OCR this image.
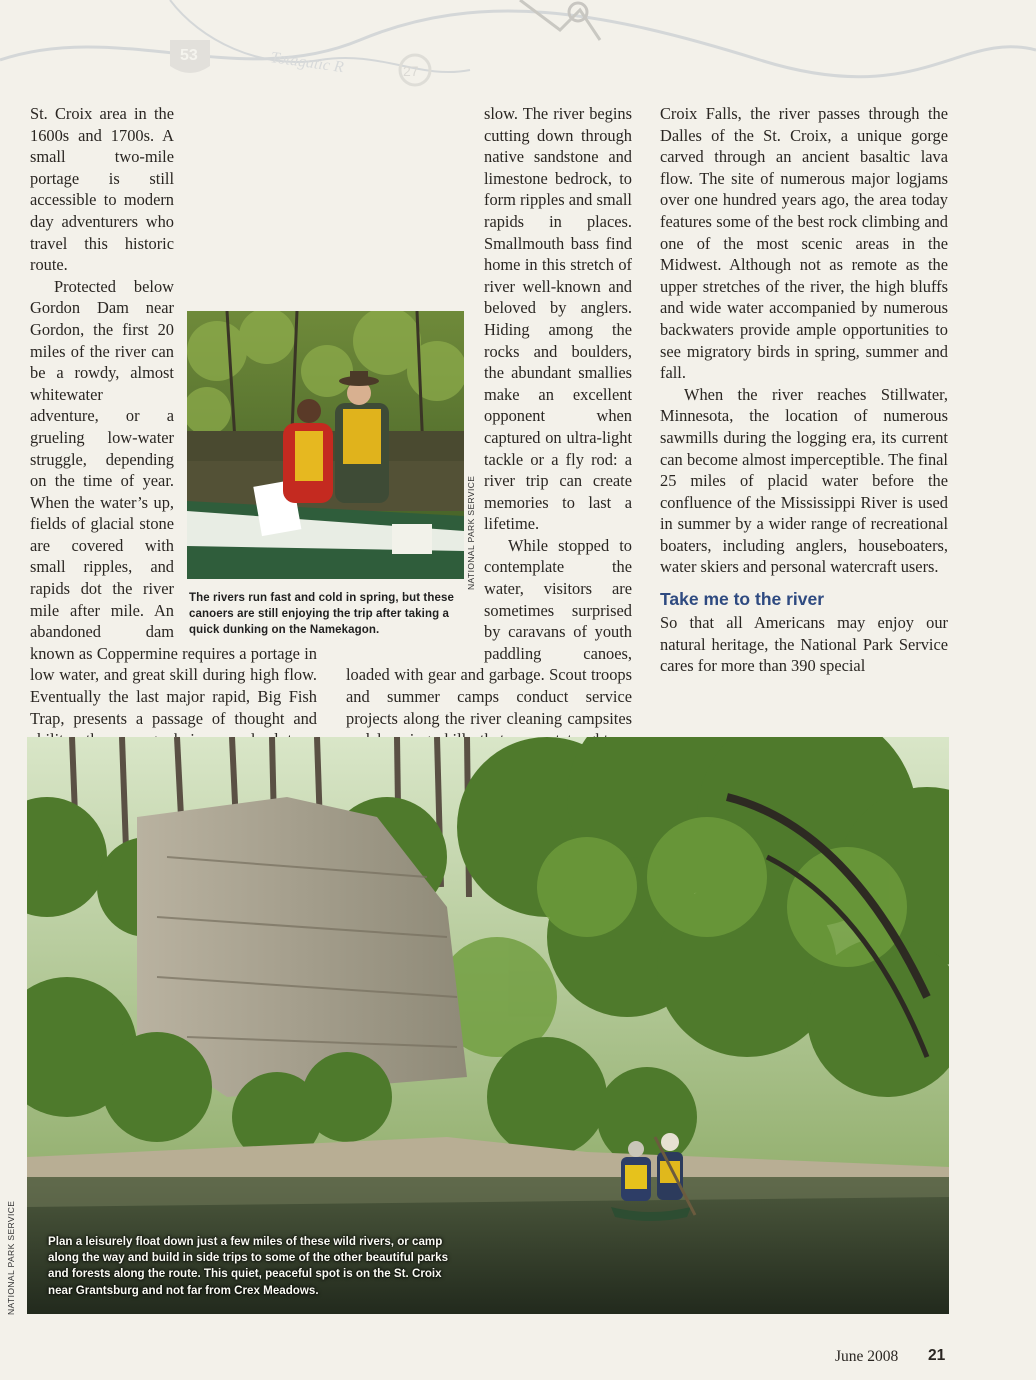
53
27
Totagatic R

St. Croix area in the 1600s and 1700s. A small two-mile portage is still accessible to modern day adventurers who travel this historic route.

Protected below Gordon Dam near Gordon, the first 20 miles of the river can be a rowdy, almost whitewater adventure, or a grueling low-water struggle, depending on the time of year. When the water’s up, fields of glacial stone are covered with small ripples, and rapids dot the river mile after mile. An abandoned dam known as Coppermine requires a portage in low water, and great skill during high flow. Eventually the last major rapid, Big Fish Trap, presents a passage of thought and

slow. The river begins cutting down through native sandstone and limestone bedrock, to form ripples and small rapids in places. Smallmouth bass find home in this stretch of river well-known and beloved by anglers. Hiding among the rocks and boulders, the abundant smallies make an excellent opponent when captured on ultra-light tackle or a fly rod: a river trip can create memories to last a lifetime.

While stopped to contemplate the water, visitors are sometimes surprised by caravans of youth paddling canoes, loaded with gear and garbage. Scout troops and summer camps conduct service projects along the river cleaning campsites

Croix Falls, the river passes through the Dalles of the St. Croix, a unique gorge carved through an ancient basaltic lava flow. The site of numerous major logjams over one hundred years ago, the area today features some of the best rock climbing and one of the most scenic areas in the Midwest. Although not as remote as the upper stretches of the river, the high bluffs and wide water accompanied by numerous backwaters provide ample opportunities to see migratory birds in spring, summer and fall.

When the river reaches Stillwater, Minnesota, the location of numerous sawmills during the logging era, its current can become almost imperceptible. The final 25 miles of placid water before the confluence of the Mississippi River is used in summer by a wider range of recreational boaters, including anglers, houseboaters, water skiers and personal watercraft users.

Take me to the river

So that all Americans may enjoy our natural heritage, the National Park Service cares for more than 390 special

The rivers run fast and cold in spring, but these canoers are still enjoying the trip after taking a quick dunking on the Namekagon.
NATIONAL PARK SERVICE
Plan a leisurely float down just a few miles of these wild rivers, or camp along the way and build in side trips to some of the other beautiful parks and forests along the route. This quiet, peaceful spot is on the St. Croix near Grantsburg and not far from Crex Meadows.
NATIONAL PARK SERVICE
June 2008 21
